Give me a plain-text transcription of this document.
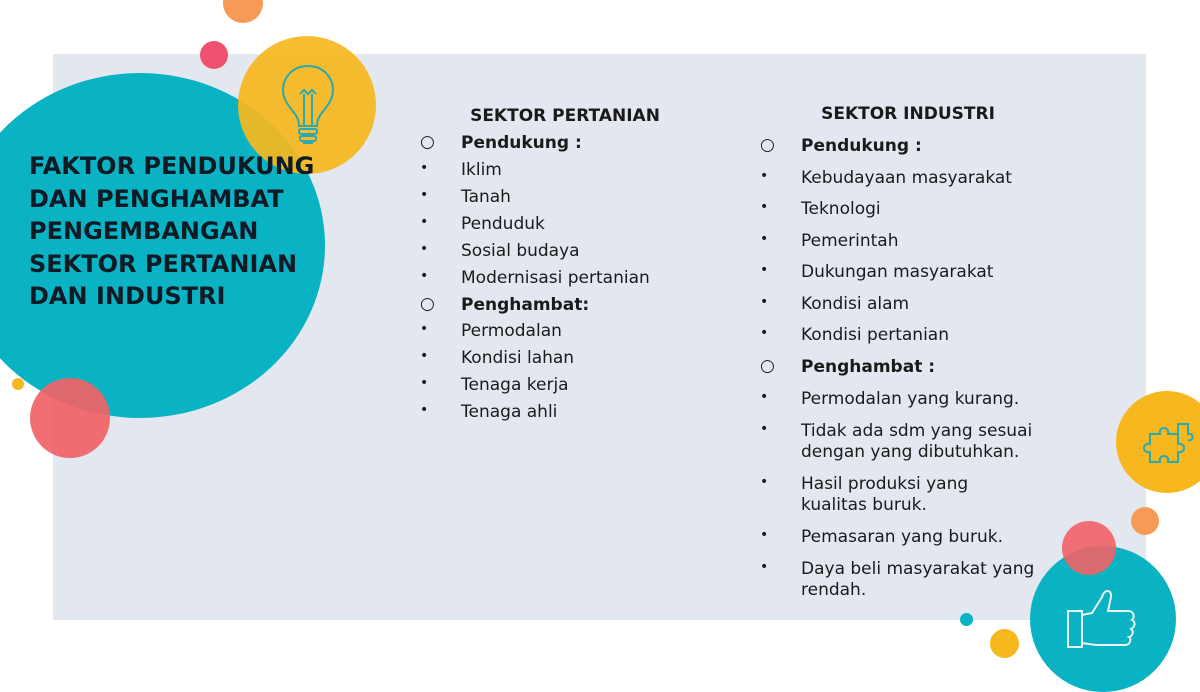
FAKTOR PENDUKUNG DAN PENGHAMBAT PENGEMBANGAN SEKTOR PERTANIAN DAN INDUSTRI
SEKTOR PERTANIAN
○ Pendukung :
• Iklim
• Tanah
• Penduduk
• Sosial budaya
• Modernisasi pertanian
○ Penghambat:
• Permodalan
• Kondisi lahan
• Tenaga kerja
• Tenaga ahli
SEKTOR INDUSTRI
○ Pendukung :
• Kebudayaan masyarakat
• Teknologi
• Pemerintah
• Dukungan masyarakat
• Kondisi alam
• Kondisi pertanian
○ Penghambat :
• Permodalan yang kurang.
• Tidak ada sdm yang sesuai dengan yang dibutuhkan.
• Hasil produksi yang kualitas buruk.
• Pemasaran yang buruk.
• Daya beli masyarakat yang rendah.
